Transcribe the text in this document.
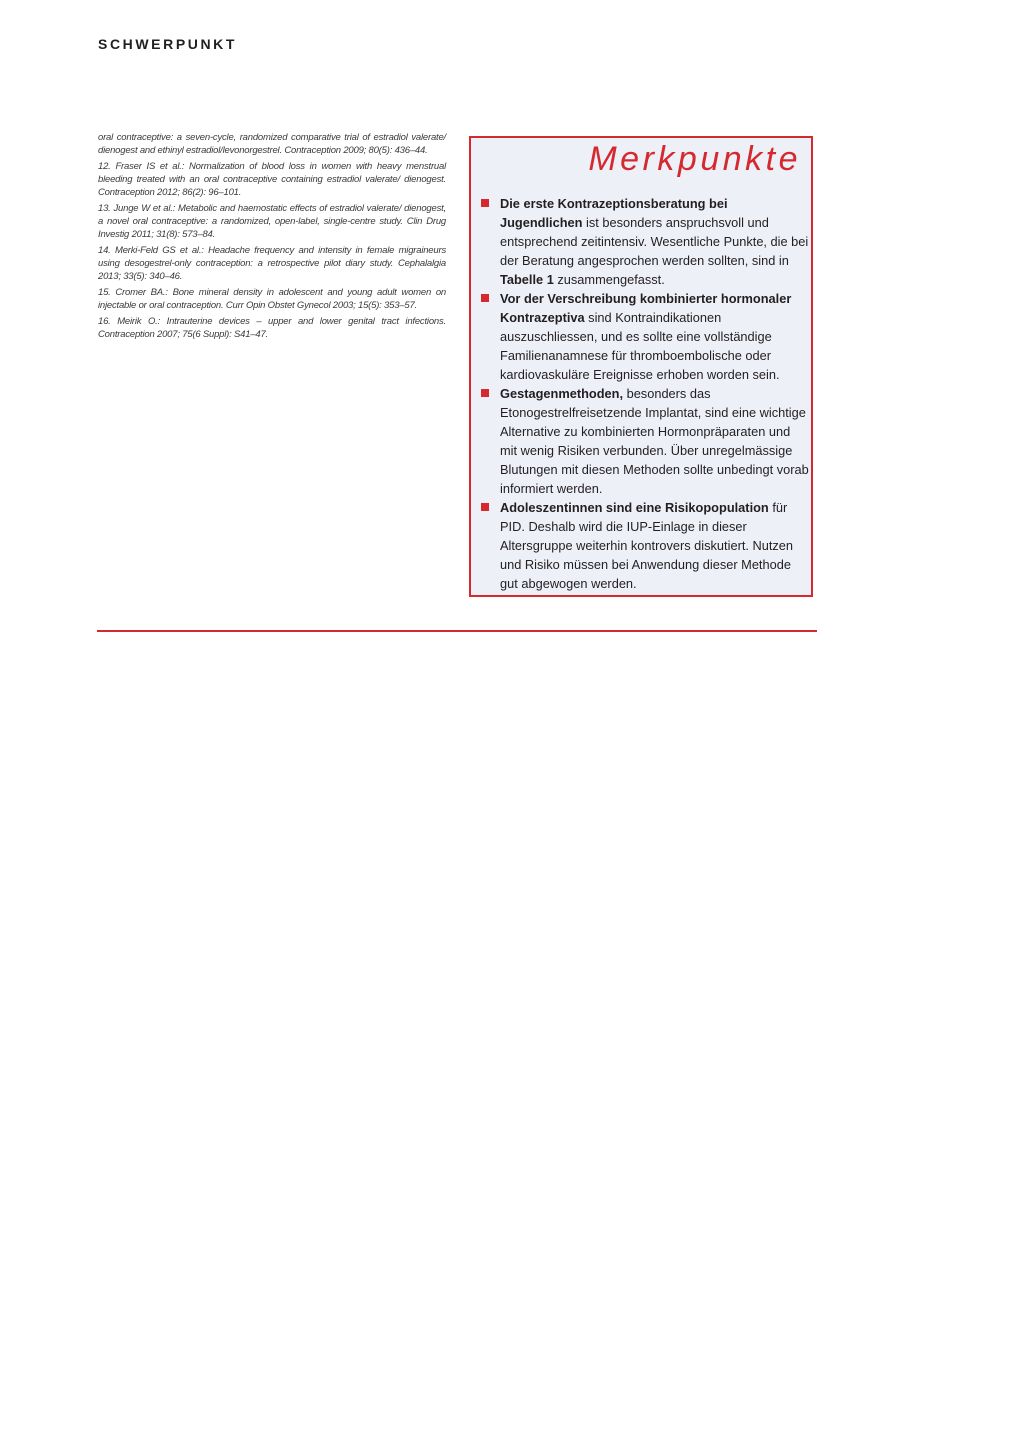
SCHWERPUNKT

oral contraceptive: a seven-cycle, randomized comparative trial of estradiol valerate/ dienogest and ethinyl estradiol/levonorgestrel. Contraception 2009; 80(5): 436–44.

12. Fraser IS et al.: Normalization of blood loss in women with heavy menstrual bleeding treated with an oral contraceptive containing estradiol valerate/ dienogest. Contraception 2012; 86(2): 96–101.

13. Junge W et al.: Metabolic and haemostatic effects of estradiol valerate/ dienogest, a novel oral contraceptive: a randomized, open-label, single-centre study. Clin Drug Investig 2011; 31(8): 573–84.

14. Merki-Feld GS et al.: Headache frequency and intensity in female migraineurs using desogestrel-only contraception: a retrospective pilot diary study. Cephalalgia 2013; 33(5): 340–46.

15. Cromer BA.: Bone mineral density in adolescent and young adult women on injectable or oral contraception. Curr Opin Obstet Gynecol 2003; 15(5): 353–57.

16. Meirik O.: Intrauterine devices – upper and lower genital tract infections. Contraception 2007; 75(6 Suppl): S41–47.

Merkpunkte
Die erste Kontrazeptionsberatung bei Jugendlichen ist besonders anspruchsvoll und entsprechend zeitintensiv. Wesentliche Punkte, die bei der Beratung angesprochen werden sollten, sind in Tabelle 1 zusammengefasst.
Vor der Verschreibung kombinierter hormonaler Kontrazeptiva sind Kontraindikationen auszuschliessen, und es sollte eine vollständige Familienanamnese für thromboembolische oder kardiovaskuläre Ereignisse erhoben worden sein.
Gestagenmethoden, besonders das Etonogestrelfreisetzende Implantat, sind eine wichtige Alternative zu kombinierten Hormonpräparaten und mit wenig Risiken verbunden. Über unregelmässige Blutungen mit diesen Methoden sollte unbedingt vorab informiert werden.
Adoleszentinnen sind eine Risikopopulation für PID. Deshalb wird die IUP-Einlage in dieser Altersgruppe weiterhin kontrovers diskutiert. Nutzen und Risiko müssen bei Anwendung dieser Methode gut abgewogen werden.
